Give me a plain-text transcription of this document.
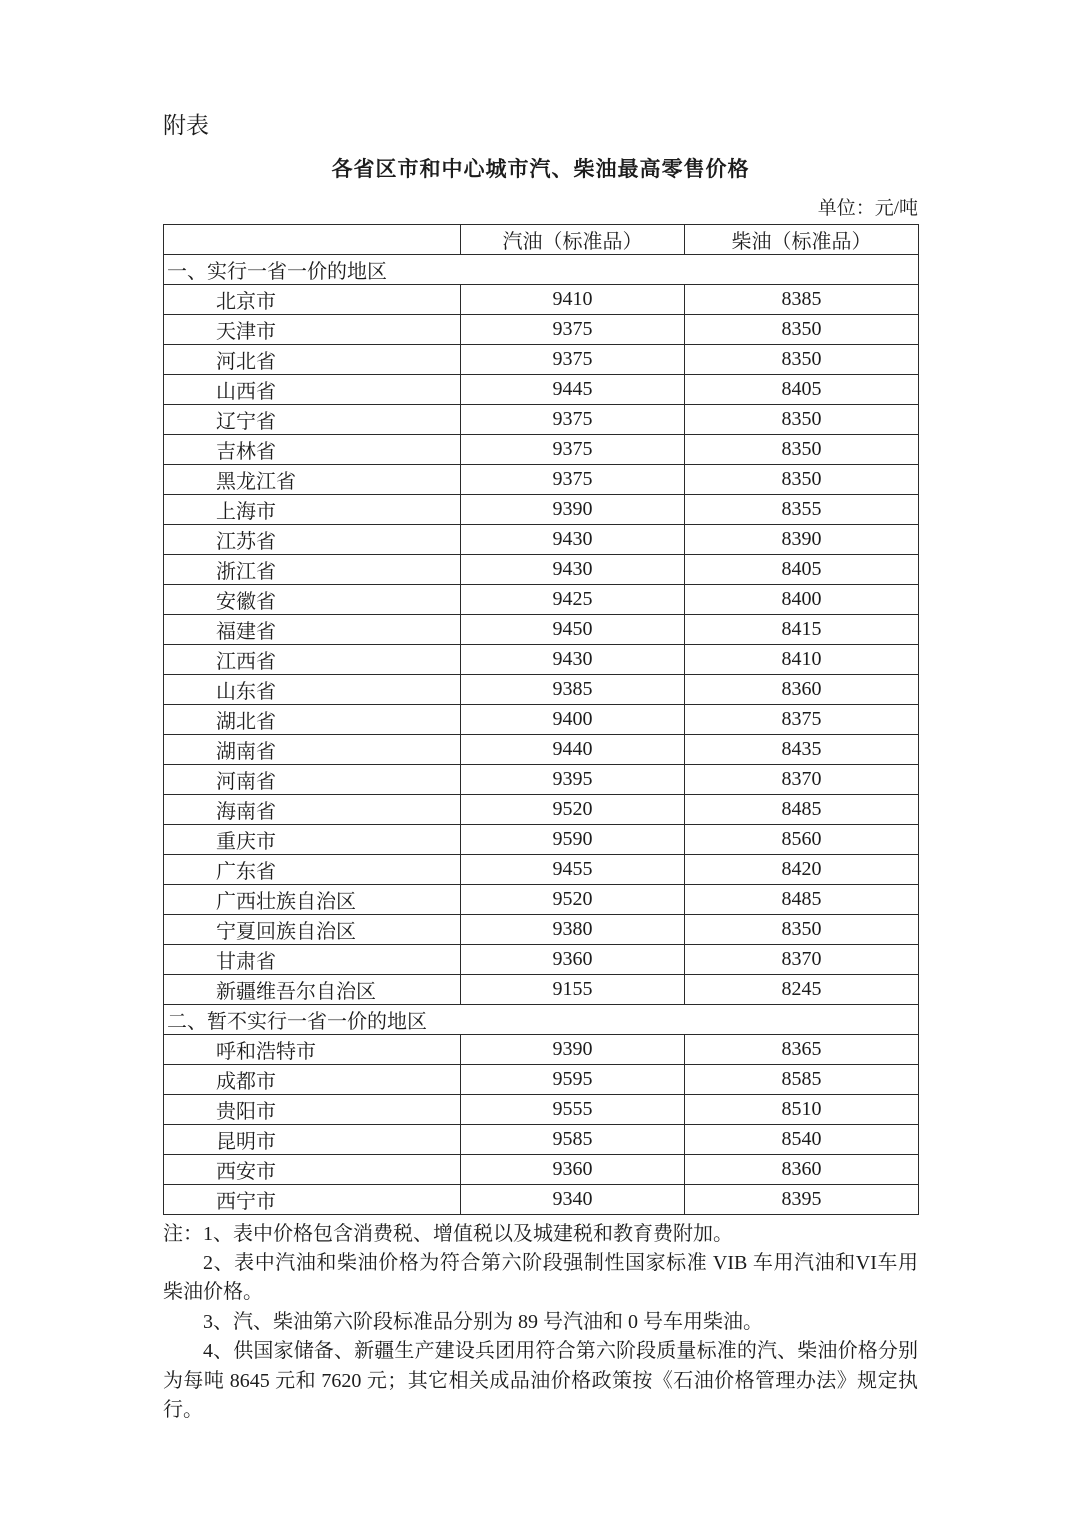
附表
各省区市和中心城市汽、柴油最高零售价格
单位：元/吨
	汽油（标准品）	柴油（标准品）
一、实行一省一价的地区		
北京市	9410	8385
天津市	9375	8350
河北省	9375	8350
山西省	9445	8405
辽宁省	9375	8350
吉林省	9375	8350
黑龙江省	9375	8350
上海市	9390	8355
江苏省	9430	8390
浙江省	9430	8405
安徽省	9425	8400
福建省	9450	8415
江西省	9430	8410
山东省	9385	8360
湖北省	9400	8375
湖南省	9440	8435
河南省	9395	8370
海南省	9520	8485
重庆市	9590	8560
广东省	9455	8420
广西壮族自治区	9520	8485
宁夏回族自治区	9380	8350
甘肃省	9360	8370
新疆维吾尔自治区	9155	8245
二、暂不实行一省一价的地区		
呼和浩特市	9390	8365
成都市	9595	8585
贵阳市	9555	8510
昆明市	9585	8540
西安市	9360	8360
西宁市	9340	8395

注：1、表中价格包含消费税、增值税以及城建税和教育费附加。

2、表中汽油和柴油价格为符合第六阶段强制性国家标准 VIB 车用汽油和VI车用柴油价格。

3、汽、柴油第六阶段标准品分别为 89 号汽油和 0 号车用柴油。

4、供国家储备、新疆生产建设兵团用符合第六阶段质量标准的汽、柴油价格分别为每吨 8645 元和 7620 元；其它相关成品油价格政策按《石油价格管理办法》规定执行。
